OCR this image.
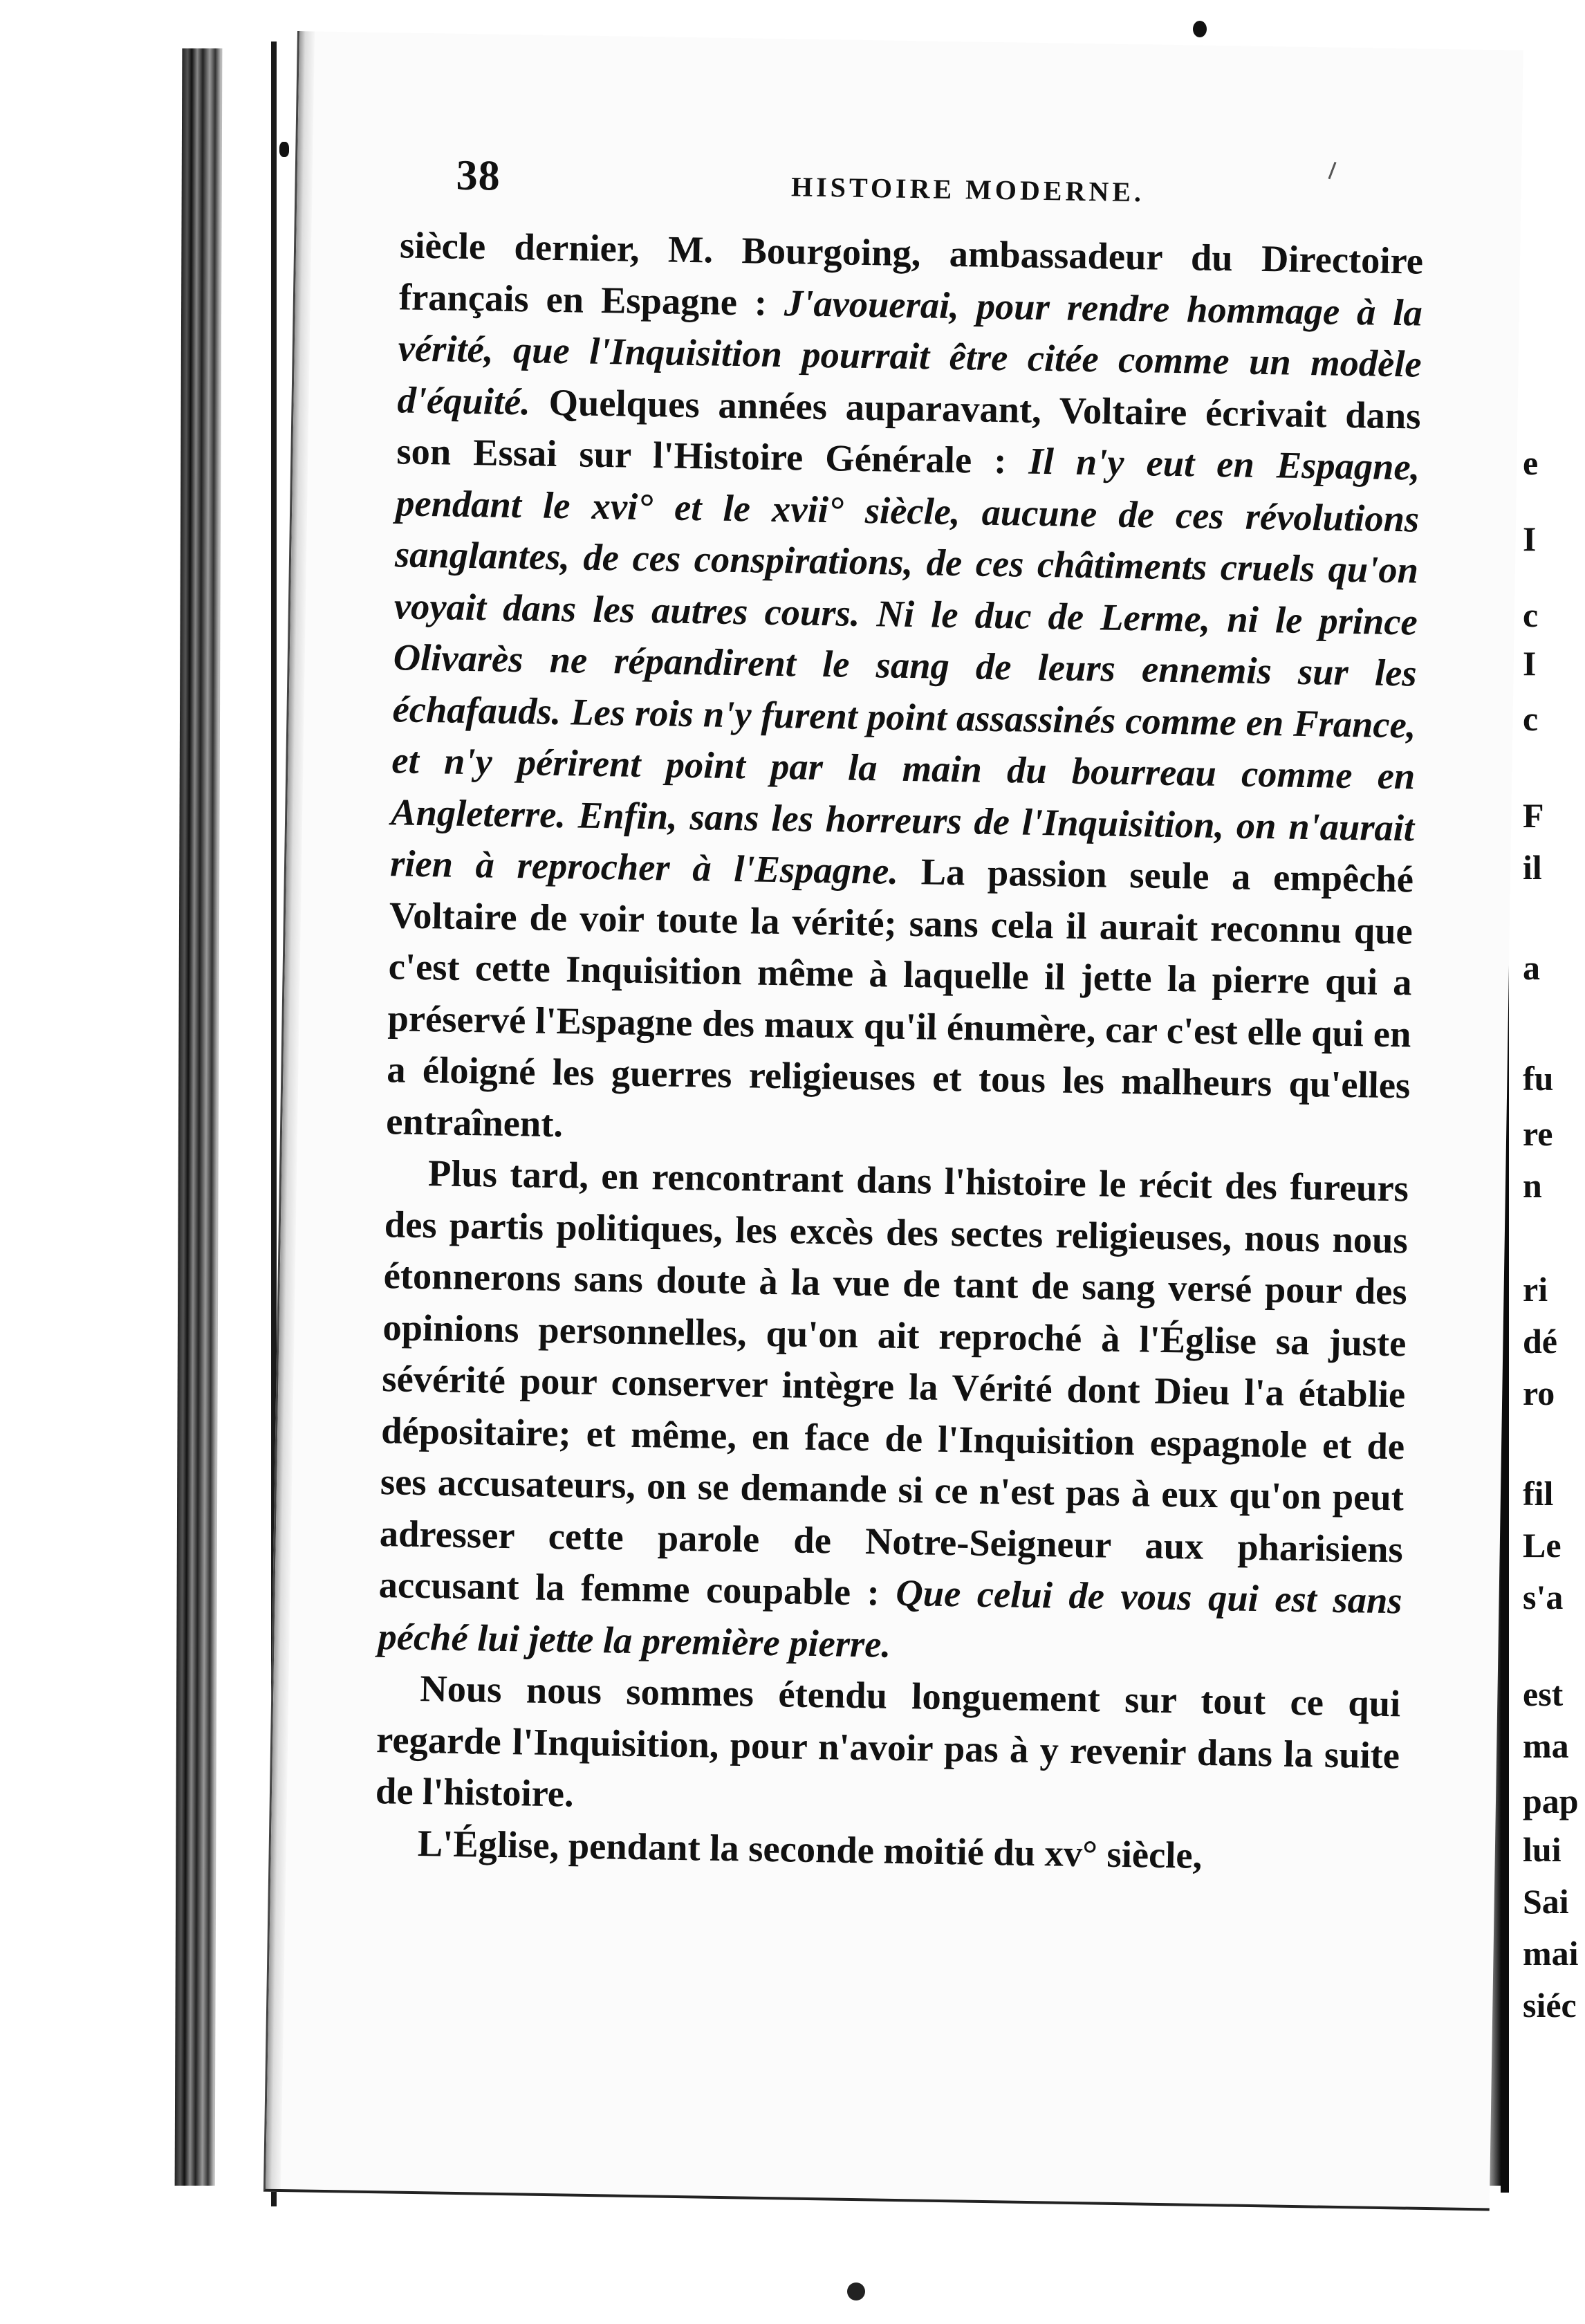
e
I
c
I
c
F
il
a
fu
re
n
ri
dé
ro
fil
Le
s'a
est
ma
pap
lui
Sai
mai
siéc
38	HISTOIRE MODERNE.

siècle dernier, M. Bourgoing, ambassadeur du Directoire français en Espagne : J'avouerai, pour rendre hommage à la vérité, que l'Inquisition pourrait être citée comme un modèle d'équité. Quelques années auparavant, Voltaire écrivait dans son Essai sur l'Histoire Générale : Il n'y eut en Espagne, pendant le xvi° et le xvii° siècle, aucune de ces révolutions sanglantes, de ces conspirations, de ces châtiments cruels qu'on voyait dans les autres cours. Ni le duc de Lerme, ni le prince Olivarès ne répandirent le sang de leurs ennemis sur les échafauds. Les rois n'y furent point assassinés comme en France, et n'y périrent point par la main du bourreau comme en Angleterre. Enfin, sans les horreurs de l'Inquisition, on n'aurait rien à reprocher à l'Espagne. La passion seule a empêché Voltaire de voir toute la vérité; sans cela il aurait reconnu que c'est cette Inquisition même à laquelle il jette la pierre qui a préservé l'Espagne des maux qu'il énumère, car c'est elle qui en a éloigné les guerres religieuses et tous les malheurs qu'elles entraînent.

Plus tard, en rencontrant dans l'histoire le récit des fureurs des partis politiques, les excès des sectes religieuses, nous nous étonnerons sans doute à la vue de tant de sang versé pour des opinions personnelles, qu'on ait reproché à l'Église sa juste sévérité pour conserver intègre la Vérité dont Dieu l'a établie dépositaire; et même, en face de l'Inquisition espagnole et de ses accusateurs, on se demande si ce n'est pas à eux qu'on peut adresser cette parole de Notre-Seigneur aux pharisiens accusant la femme coupable : Que celui de vous qui est sans péché lui jette la première pierre.

Nous nous sommes étendu longuement sur tout ce qui regarde l'Inquisition, pour n'avoir pas à y revenir dans la suite de l'histoire.

L'Église, pendant la seconde moitié du xv° siècle,
